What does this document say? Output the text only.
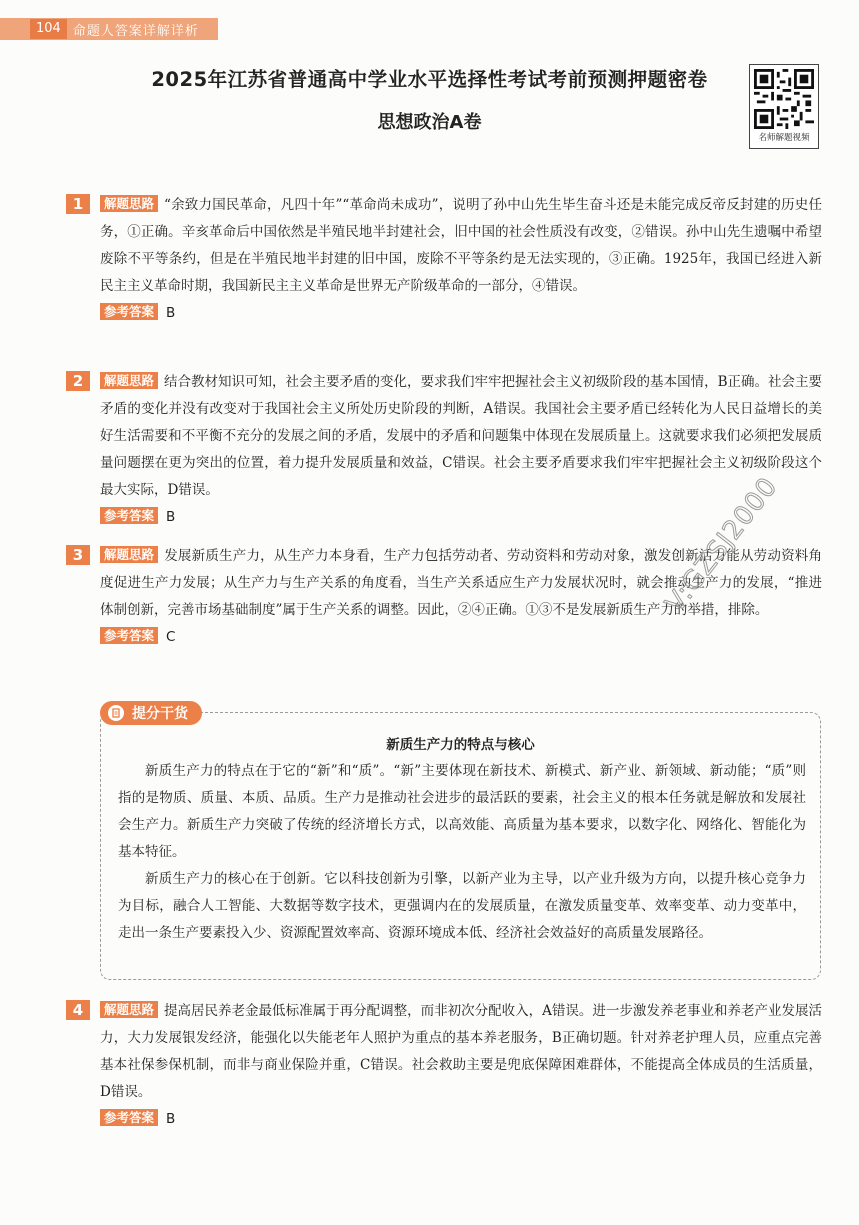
104 命题人答案详解详析
2025年江苏省普通高中学业水平选择性考试考前预测押题密卷
思想政治A卷
名师解题视频
1	解题思路 “余致力国民革命，凡四十年”“革命尚未成功”，说明了孙中山先生毕生奋斗还是未能完成反帝反封建的历史任务，①正确。辛亥革命后中国依然是半殖民地半封建社会，旧中国的社会性质没有改变，②错误。孙中山先生遗嘱中希望废除不平等条约，但是在半殖民地半封建的旧中国，废除不平等条约是无法实现的，③正确。1925年，我国已经进入新民主主义革命时期，我国新民主主义革命是世界无产阶级革命的一部分，④错误。
参考答案 B
2	解题思路 结合教材知识可知，社会主要矛盾的变化，要求我们牢牢把握社会主义初级阶段的基本国情，B正确。社会主要矛盾的变化并没有改变对于我国社会主义所处历史阶段的判断，A错误。我国社会主要矛盾已经转化为人民日益增长的美好生活需要和不平衡不充分的发展之间的矛盾，发展中的矛盾和问题集中体现在发展质量上。这就要求我们必须把发展质量问题摆在更为突出的位置，着力提升发展质量和效益，C错误。社会主要矛盾要求我们牢牢把握社会主义初级阶段这个最大实际，D错误。
参考答案 B
3	解题思路 发展新质生产力，从生产力本身看，生产力包括劳动者、劳动资料和劳动对象，激发创新活力能从劳动资料角度促进生产力发展；从生产力与生产关系的角度看，当生产关系适应生产力发展状况时，就会推动生产力的发展，“推进体制创新，完善市场基础制度”属于生产关系的调整。因此，②④正确。①③不是发展新质生产力的举措，排除。
参考答案 C
提分干货
新质生产力的特点与核心

新质生产力的特点在于它的“新”和“质”。“新”主要体现在新技术、新模式、新产业、新领域、新动能；“质”则指的是物质、质量、本质、品质。生产力是推动社会进步的最活跃的要素，社会主义的根本任务就是解放和发展社会生产力。新质生产力突破了传统的经济增长方式，以高效能、高质量为基本要求，以数字化、网络化、智能化为基本特征。

新质生产力的核心在于创新。它以科技创新为引擎，以新产业为主导，以产业升级为方向，以提升核心竞争力为目标，融合人工智能、大数据等数字技术，更强调内在的发展质量，在激发质量变革、效率变革、动力变革中，走出一条生产要素投入少、资源配置效率高、资源环境成本低、经济社会效益好的高质量发展路径。

4	解题思路 提高居民养老金最低标准属于再分配调整，而非初次分配收入，A错误。进一步激发养老事业和养老产业发展活力，大力发展银发经济，能强化以失能老年人照护为重点的基本养老服务，B正确切题。针对养老护理人员，应重点完善基本社保参保机制，而非与商业保险并重，C错误。社会救助主要是兜底保障困难群体，不能提高全体成员的生活质量，D错误。
参考答案 B
V:GZSJ2000
